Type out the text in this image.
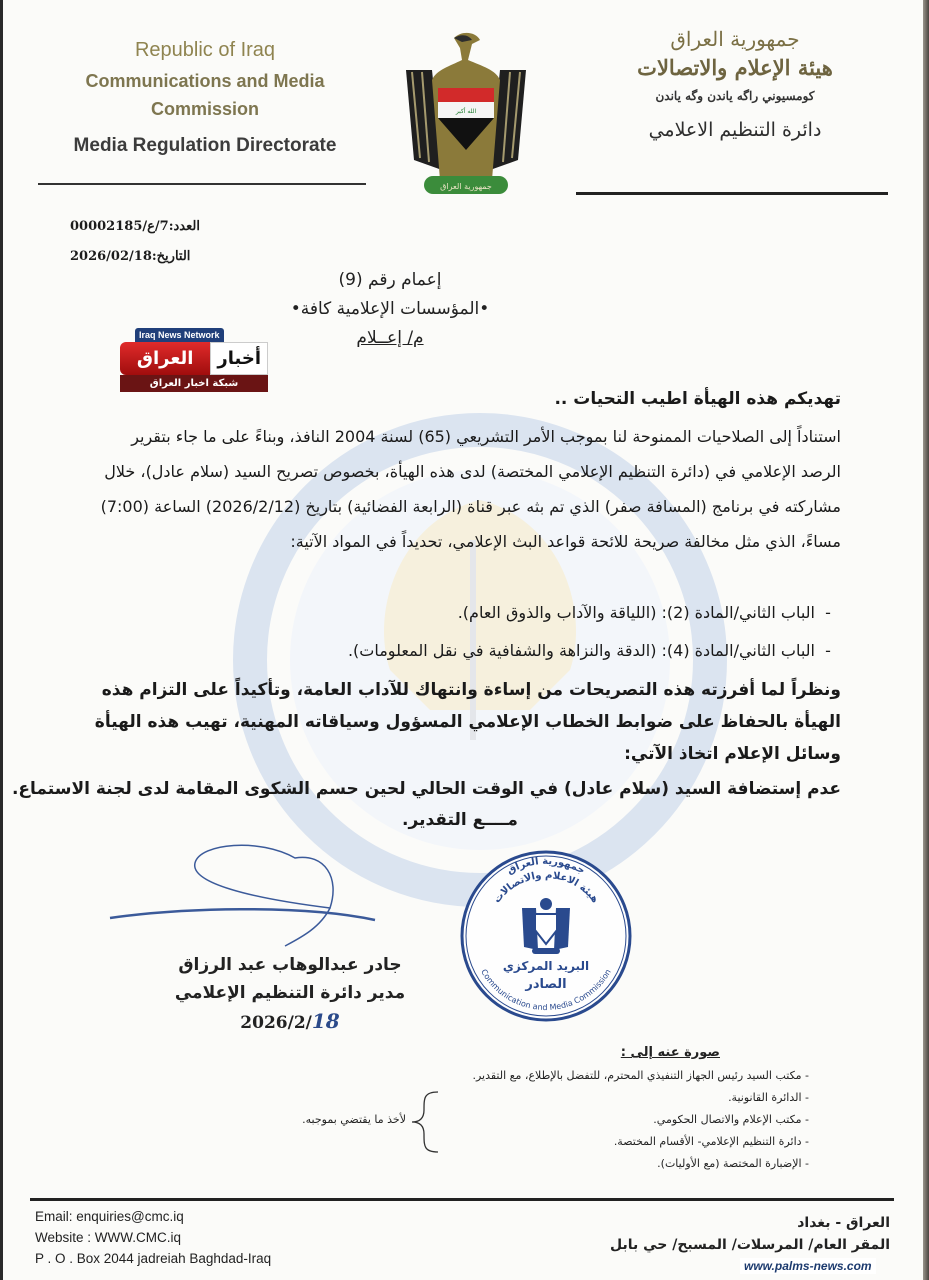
Republic of Iraq
Communications and Media
Commission
Media Regulation Directorate
الله أكبر
جمهورية العراق
جمهورية العراق
هيئة الإعلام والاتصالات
كومسيوني راگه ياندن وگه ياندن
دائرة التنظيم الاعلامي
العدد:7/ع/00002185
التاريخ:2026/02/18
إعمام رقم (9)
•المؤسسات الإعلامية كافة•
م/ إعــلام
Iraq News Network
أخبار
العراق
شبكة اخبار العراق
تهديكم هذه الهيأة اطيب التحيات ..
استناداً إلى الصلاحيات الممنوحة لنا بموجب الأمر التشريعي (65) لسنة 2004 النافذ، وبناءً على ما جاء بتقرير
الرصد الإعلامي في (دائرة التنظيم الإعلامي المختصة) لدى هذه الهيأة، بخصوص تصريح السيد (سلام عادل)، خلال
مشاركته في برنامج (المسافة صفر) الذي تم بثه عبر قناة (الرابعة الفضائية) بتاريخ (2026/2/12) الساعة (7:00)
مساءً، الذي مثل مخالفة صريحة للائحة قواعد البث الإعلامي، تحديداً في المواد الآتية:
-الباب الثاني/المادة (2): (اللياقة والآداب والذوق العام).
-الباب الثاني/المادة (4): (الدقة والنزاهة والشفافية في نقل المعلومات).
ونظراً لما أفرزته هذه التصريحات من إساءة وانتهاك للآداب العامة، وتأكيداً على التزام هذه
الهيأة بالحفاظ على ضوابط الخطاب الإعلامي المسؤول وسياقاته المهنية، تهيب هذه الهيأة
وسائل الإعلام اتخاذ الآتي:
عدم إستضافة السيد (سلام عادل) في الوقت الحالي لحين حسم الشكوى المقامة لدى لجنة الاستماع.
مــــع التقدير.
جادر عبدالوهاب عبد الرزاق
مدير دائرة التنظيم الإعلامي
2026/2/18
جمهورية العراق
هيئة الاعلام والاتصالات
Communication and Media Commission
البريد المركزي
الصادر
صورة عنه إلى :
- مكتب السيد رئيس الجهاز التنفيذي المحترم، للتفضل بالإطلاع، مع التقدير.
- الدائرة القانونية.
- مكتب الإعلام والاتصال الحكومي.
- دائرة التنظيم الإعلامي- الأقسام المختصة.
- الإضبارة المختصة (مع الأوليات).
لأخذ ما يقتضي بموجبه.
Email: enquiries@cmc.iq
Website : WWW.CMC.iq
P . O . Box 2044 jadreiah Baghdad-Iraq
العراق - بغداد
المقر العام/ المرسلات/ المسبح/ حي بابل
www.palms-news.com
